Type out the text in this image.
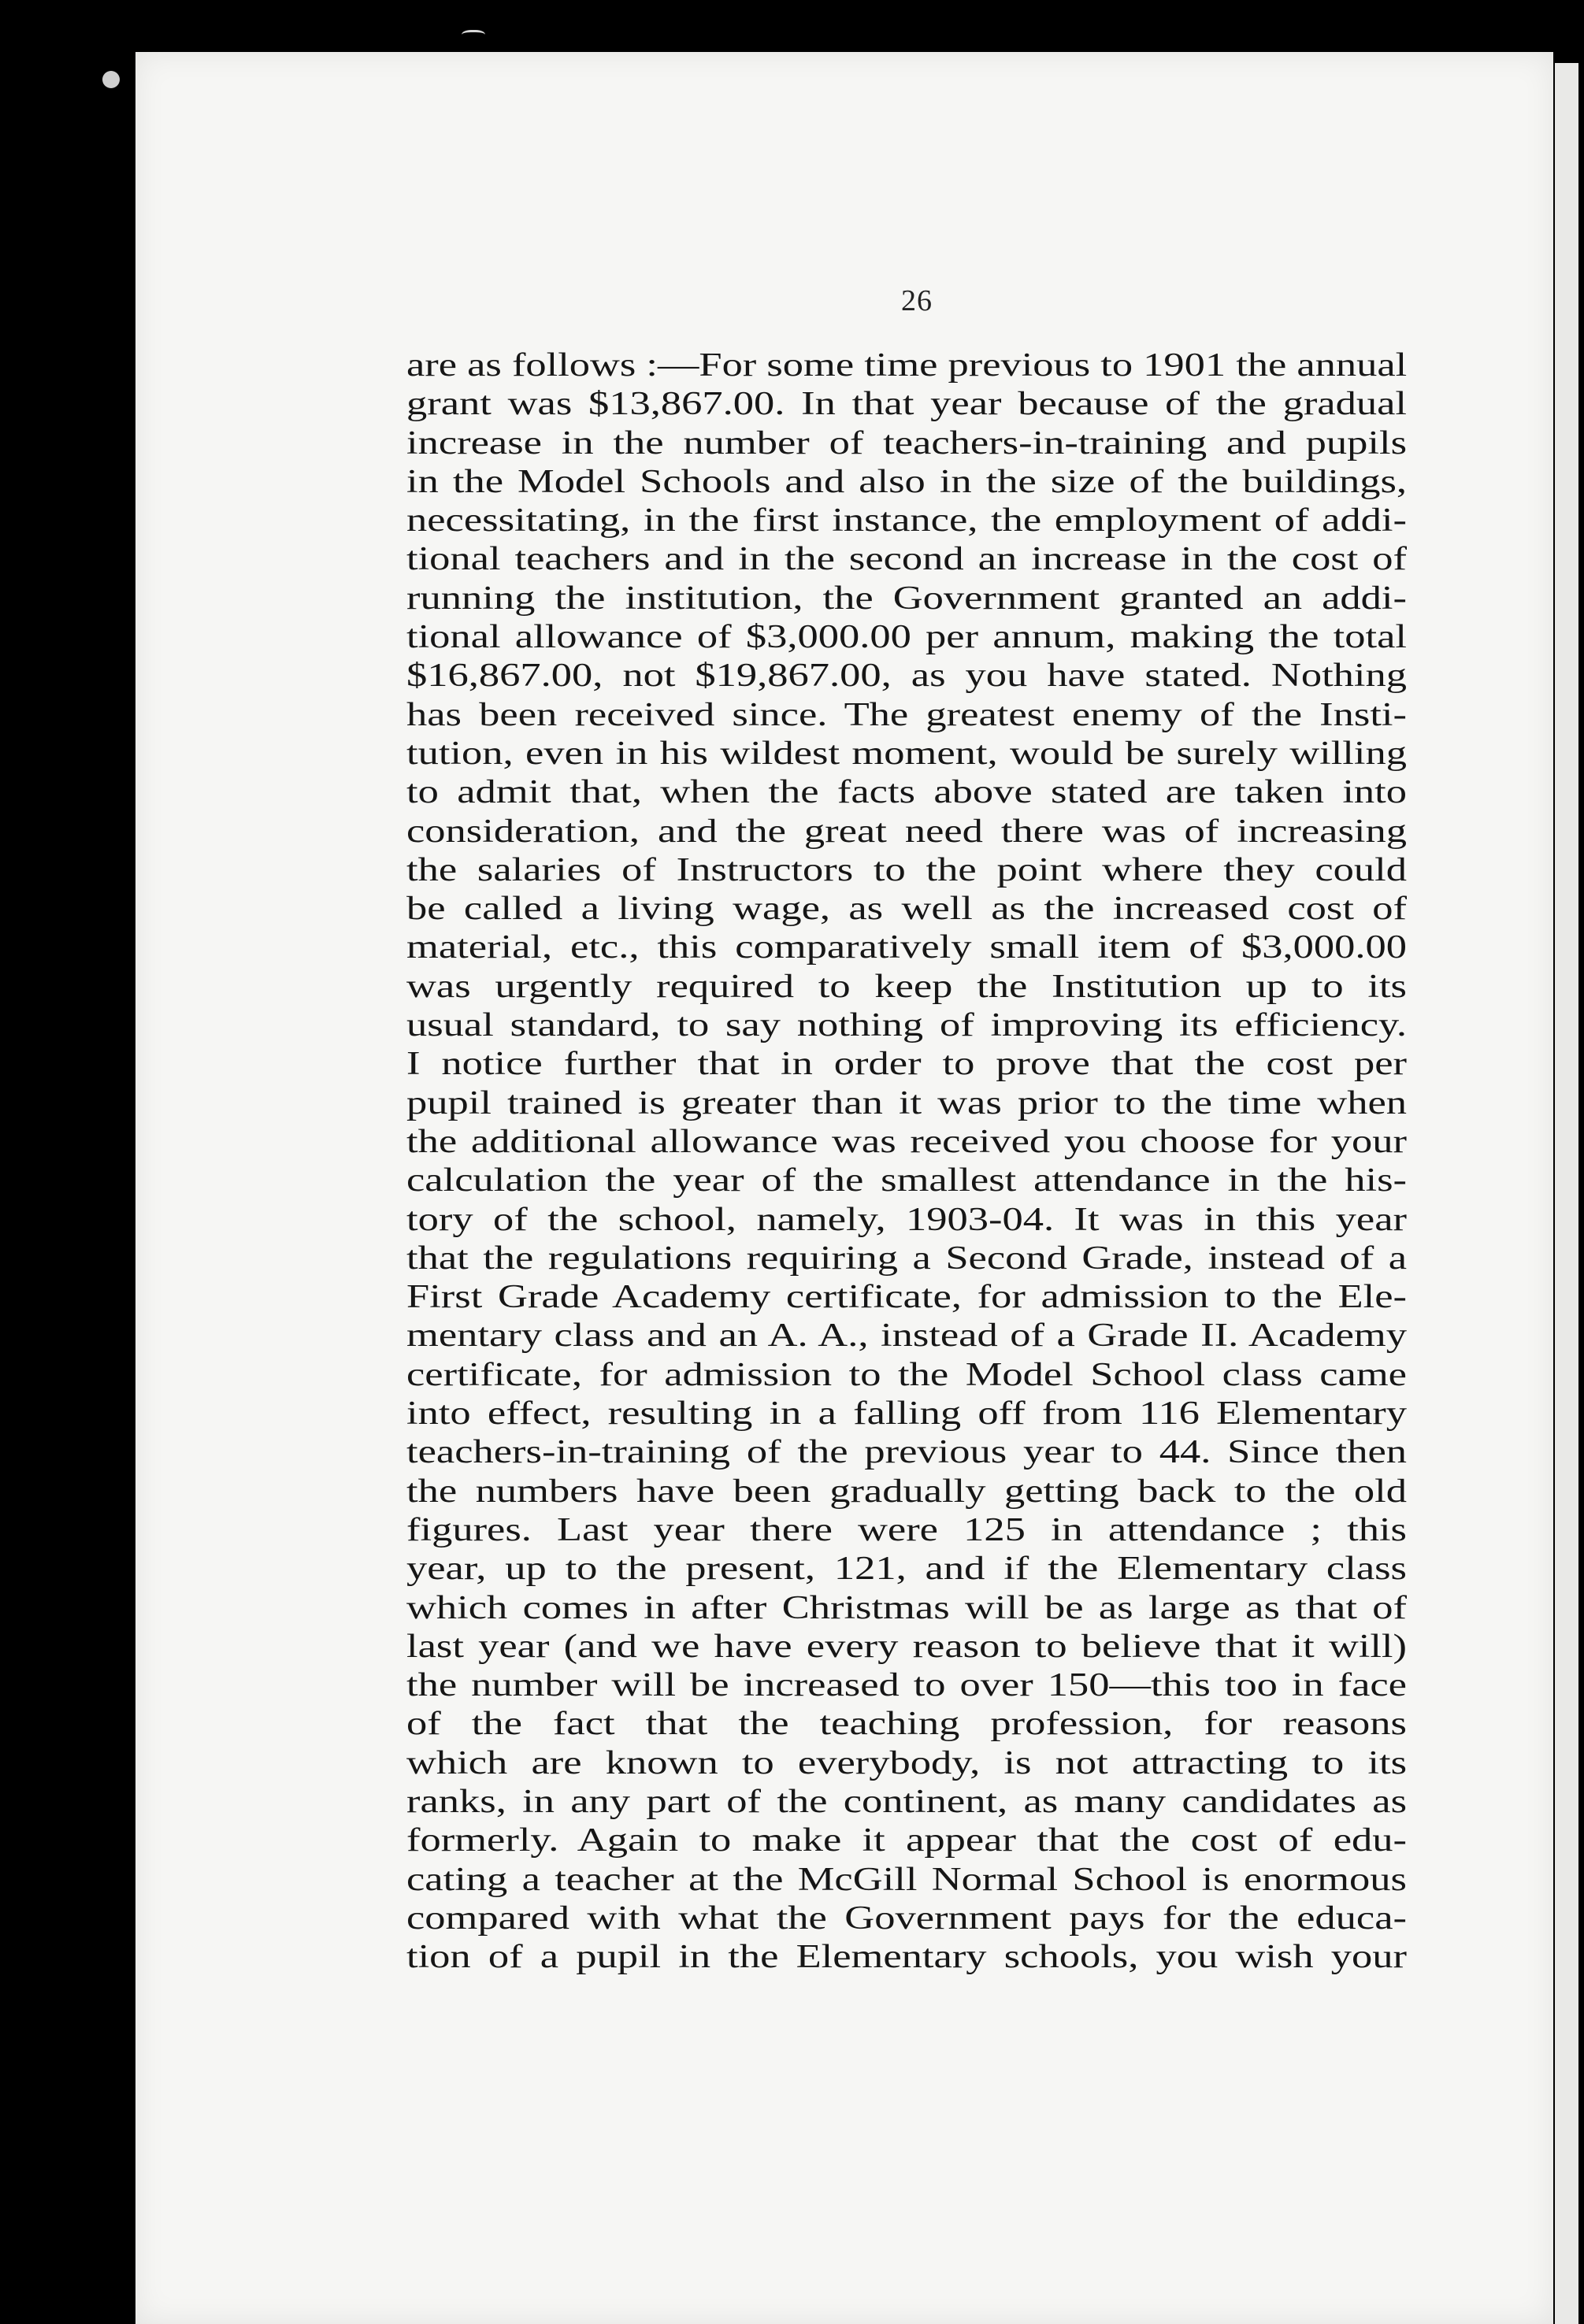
26
are as follows :—For some time previous to 1901 the annual
grant was $13,867.00. In that year because of the gradual
increase in the number of teachers-in-training and pupils
in the Model Schools and also in the size of the buildings,
necessitating, in the first instance, the employment of addi-
tional teachers and in the second an increase in the cost of
running the institution, the Government granted an addi-
tional allowance of $3,000.00 per annum, making the total
$16,867.00, not $19,867.00, as you have stated. Nothing
has been received since. The greatest enemy of the Insti-
tution, even in his wildest moment, would be surely willing
to admit that, when the facts above stated are taken into
consideration, and the great need there was of increasing
the salaries of Instructors to the point where they could
be called a living wage, as well as the increased cost of
material, etc., this comparatively small item of $3,000.00
was urgently required to keep the Institution up to its
usual standard, to say nothing of improving its efficiency.
I notice further that in order to prove that the cost per
pupil trained is greater than it was prior to the time when
the additional allowance was received you choose for your
calculation the year of the smallest attendance in the his-
tory of the school, namely, 1903-04. It was in this year
that the regulations requiring a Second Grade, instead of a
First Grade Academy certificate, for admission to the Ele-
mentary class and an A. A., instead of a Grade II. Academy
certificate, for admission to the Model School class came
into effect, resulting in a falling off from 116 Elementary
teachers-in-training of the previous year to 44. Since then
the numbers have been gradually getting back to the old
figures. Last year there were 125 in attendance ; this
year, up to the present, 121, and if the Elementary class
which comes in after Christmas will be as large as that of
last year (and we have every reason to believe that it will)
the number will be increased to over 150—this too in face
of the fact that the teaching profession, for reasons
which are known to everybody, is not attracting to its
ranks, in any part of the continent, as many candidates as
formerly. Again to make it appear that the cost of edu-
cating a teacher at the McGill Normal School is enormous
compared with what the Government pays for the educa-
tion of a pupil in the Elementary schools, you wish your
